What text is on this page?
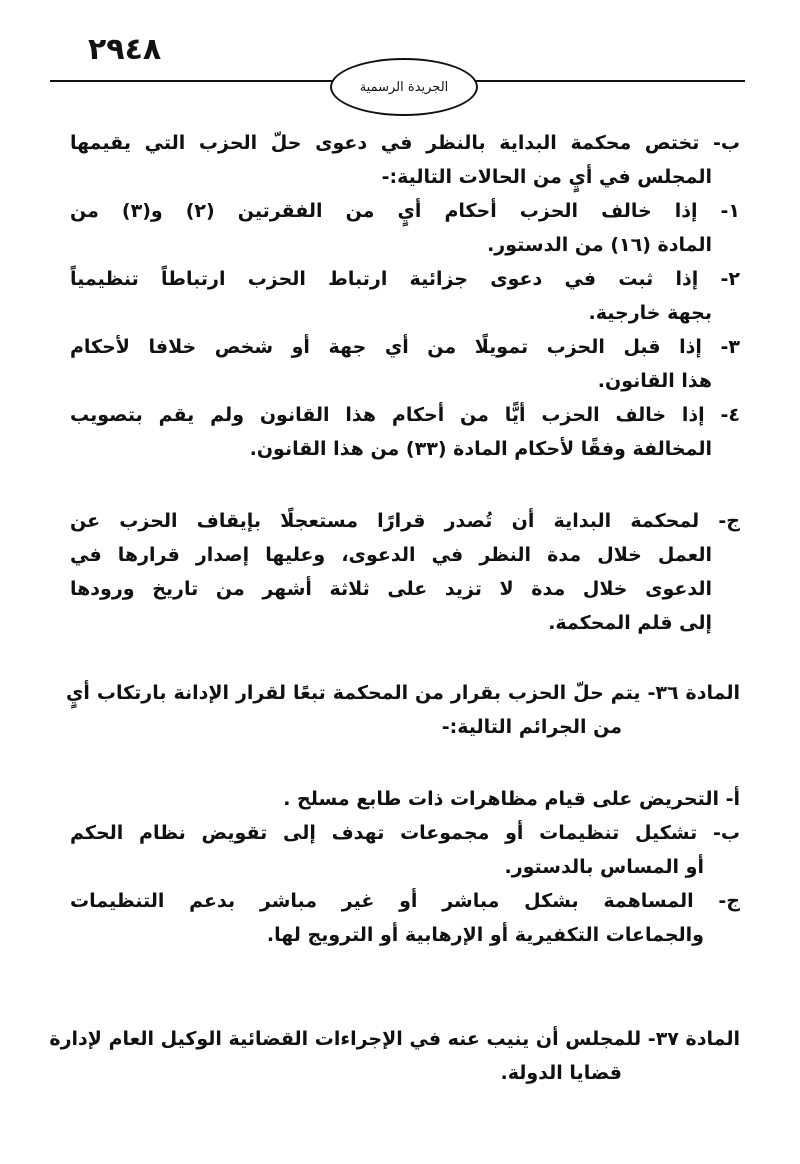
٢٩٤٨
الجريدة الرسمية
ب- تختص محكمة البداية بالنظر في دعوى حلّ الحزب التي يقيمها
المجلس في أيٍ من الحالات التالية:-
١- إذا خالف الحزب أحكام أيٍ من الفقرتين (٢) و(٣) من
المادة (١٦) من الدستور.
٢- إذا ثبت في دعوى جزائية ارتباط الحزب ارتباطاً تنظيمياً
بجهة خارجية.
٣- إذا قبل الحزب تمويلًا من أي جهة أو شخص خلافا لأحكام
هذا القانون.
٤- إذا خالف الحزب أيًّا من أحكام هذا القانون ولم يقم بتصويب
المخالفة وفقًا لأحكام المادة (٣٣) من هذا القانون.
ج- لمحكمة البداية أن تُصدر قرارًا مستعجلًا بإيقاف الحزب عن
العمل خلال مدة النظر في الدعوى، وعليها إصدار قرارها في
الدعوى خلال مدة لا تزيد على ثلاثة أشهر من تاريخ ورودها
إلى قلم المحكمة.
المادة ٣٦- يتم حلّ الحزب بقرار من المحكمة تبعًا لقرار الإدانة بارتكاب أيٍ
من الجرائم التالية:-
أ- التحريض على قيام مظاهرات ذات طابع مسلح .
ب- تشكيل تنظيمات أو مجموعات تهدف إلى تقويض نظام الحكم
أو المساس بالدستور.
ج- المساهمة بشكل مباشر أو غير مباشر بدعم التنظيمات
والجماعات التكفيرية أو الإرهابية أو الترويج لها.
المادة ٣٧- للمجلس أن ينيب عنه في الإجراءات القضائية الوكيل العام لإدارة
قضايا الدولة.
